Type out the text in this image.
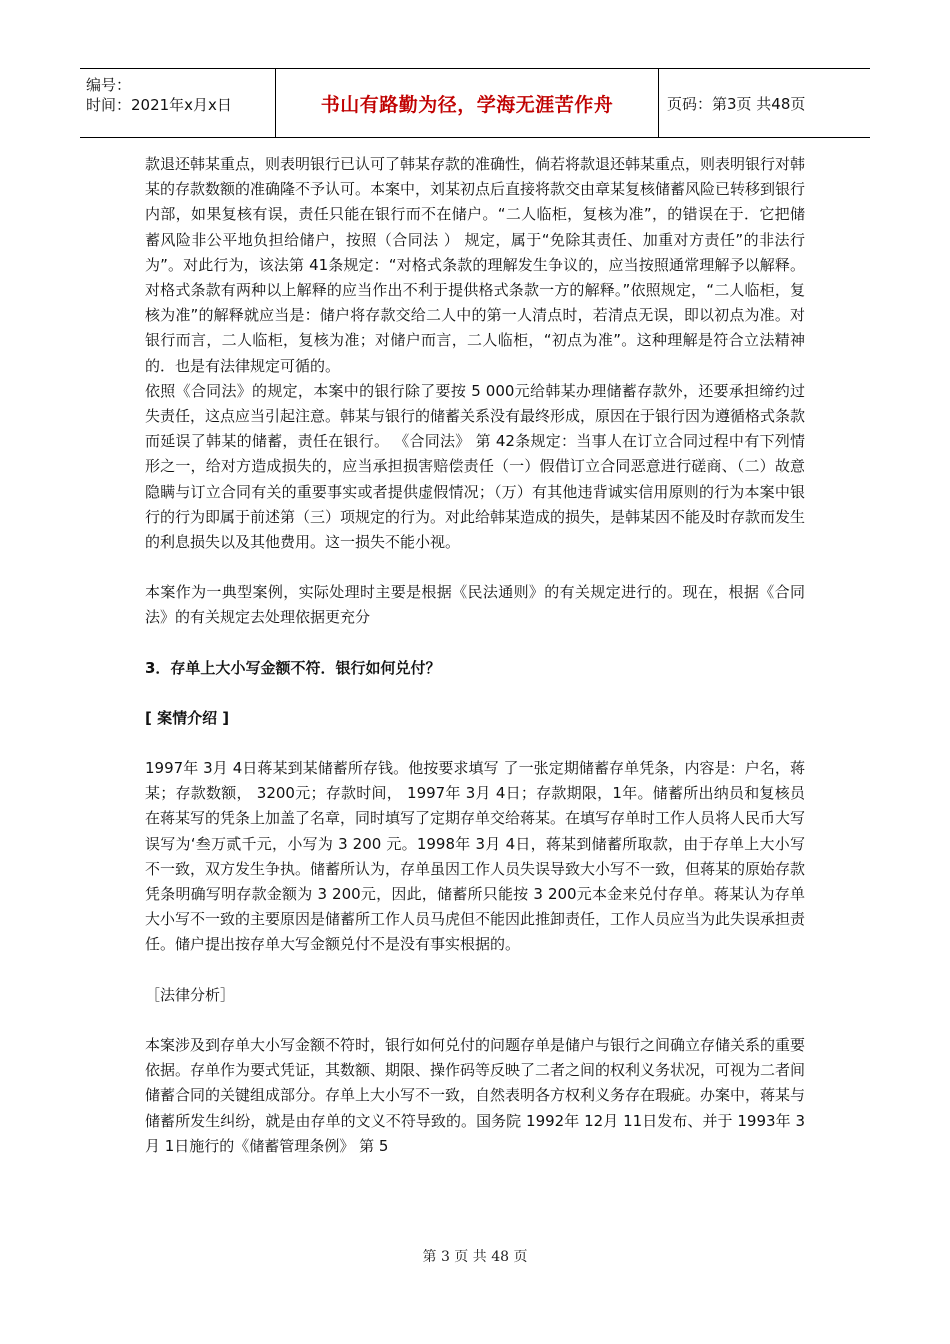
编号：
时间：2021年x月x日	书山有路勤为径，学海无涯苦作舟	页码：第3页 共48页

款退还韩某重点，则表明银行已认可了韩某存款的准确性，倘若将款退还韩某重点，则表明银行对韩某的存款数额的准确隆不予认可。本案中，刘某初点后直接将款交由章某复核储蓄风险已转移到银行内部，如果复核有误，责任只能在银行而不在储户。“二人临柜，复核为准”，的错误在于．它把储蓄风险非公平地负担给储户，按照（合同法 ） 规定，属于“免除其责任、加重对方责任”的非法行为”。对此行为，该法第 41条规定：“对格式条款的理解发生争议的，应当按照通常理解予以解释。对格式条款有两种以上解释的应当作出不利于提供格式条款一方的解释。”依照规定，“二人临柜，复核为准”的解释就应当是：储户将存款交给二人中的第一人清点时，若清点无误，即以初点为准。对银行而言，二人临柜，复核为准；对储户而言，二人临柜，“初点为准”。这种理解是符合立法精神的．也是有法律规定可循的。

依照《合同法》的规定，本案中的银行除了要按 5 000元给韩某办理储蓄存款外，还要承担缔约过失责任，这点应当引起注意。韩某与银行的储蓄关系没有最终形成，原因在于银行因为遵循格式条款而延误了韩某的储蓄，责任在银行。 《合同法》 第 42条规定：当事人在订立合同过程中有下列情形之一，给对方造成损失的，应当承担损害赔偿责任（一）假借订立合同恶意进行磋商、（二）故意隐瞒与订立合同有关的重要事实或者提供虚假情况；（万）有其他违背诚实信用原则的行为本案中银行的行为即属于前述第（三）项规定的行为。对此给韩某造成的损失，是韩某因不能及时存款而发生的利息损失以及其他费用。这一损失不能小视。

本案作为一典型案例，实际处理时主要是根据《民法通则》的有关规定进行的。现在，根据《合同法》的有关规定去处理依据更充分

3．存单上大小写金额不符．银行如何兑付？

[ 案情介绍 ]

1997年 3月 4日蒋某到某储蓄所存钱。他按要求填写 了一张定期储蓄存单凭条，内容是：户名，蒋某；存款数额， 3200元；存款时间， 1997年 3月 4日；存款期限，1年。储蓄所出纳员和复核员在蒋某写的凭条上加盖了名章，同时填写了定期存单交给蒋某。在填写存单时工作人员将人民币大写误写为‘叁万贰千元，小写为 3 200 元。1998年 3月 4日，蒋某到储蓄所取款，由于存单上大小写不一致，双方发生争执。储蓄所认为，存单虽因工作人员失误导致大小写不一致，但蒋某的原始存款凭条明确写明存款金额为 3 200元，因此，储蓄所只能按 3 200元本金来兑付存单。蒋某认为存单大小写不一致的主要原因是储蓄所工作人员马虎但不能因此推卸责任，工作人员应当为此失误承担责任。储户提出按存单大写金额兑付不是没有事实根据的。

［法律分析］

本案涉及到存单大小写金额不符时，银行如何兑付的问题存单是储户与银行之间确立存储关系的重要依据。存单作为要式凭证，其数额、期限、操作码等反映了二者之间的权利义务状况，可视为二者间储蓄合同的关键组成部分。存单上大小写不一致，自然表明各方权利义务存在瑕疵。办案中，蒋某与储蓄所发生纠纷，就是由存单的文义不符导致的。国务院 1992年 12月 11日发布、并于 1993年 3月 1日施行的《储蓄管理条例》 第 5

第 3 页 共 48 页
